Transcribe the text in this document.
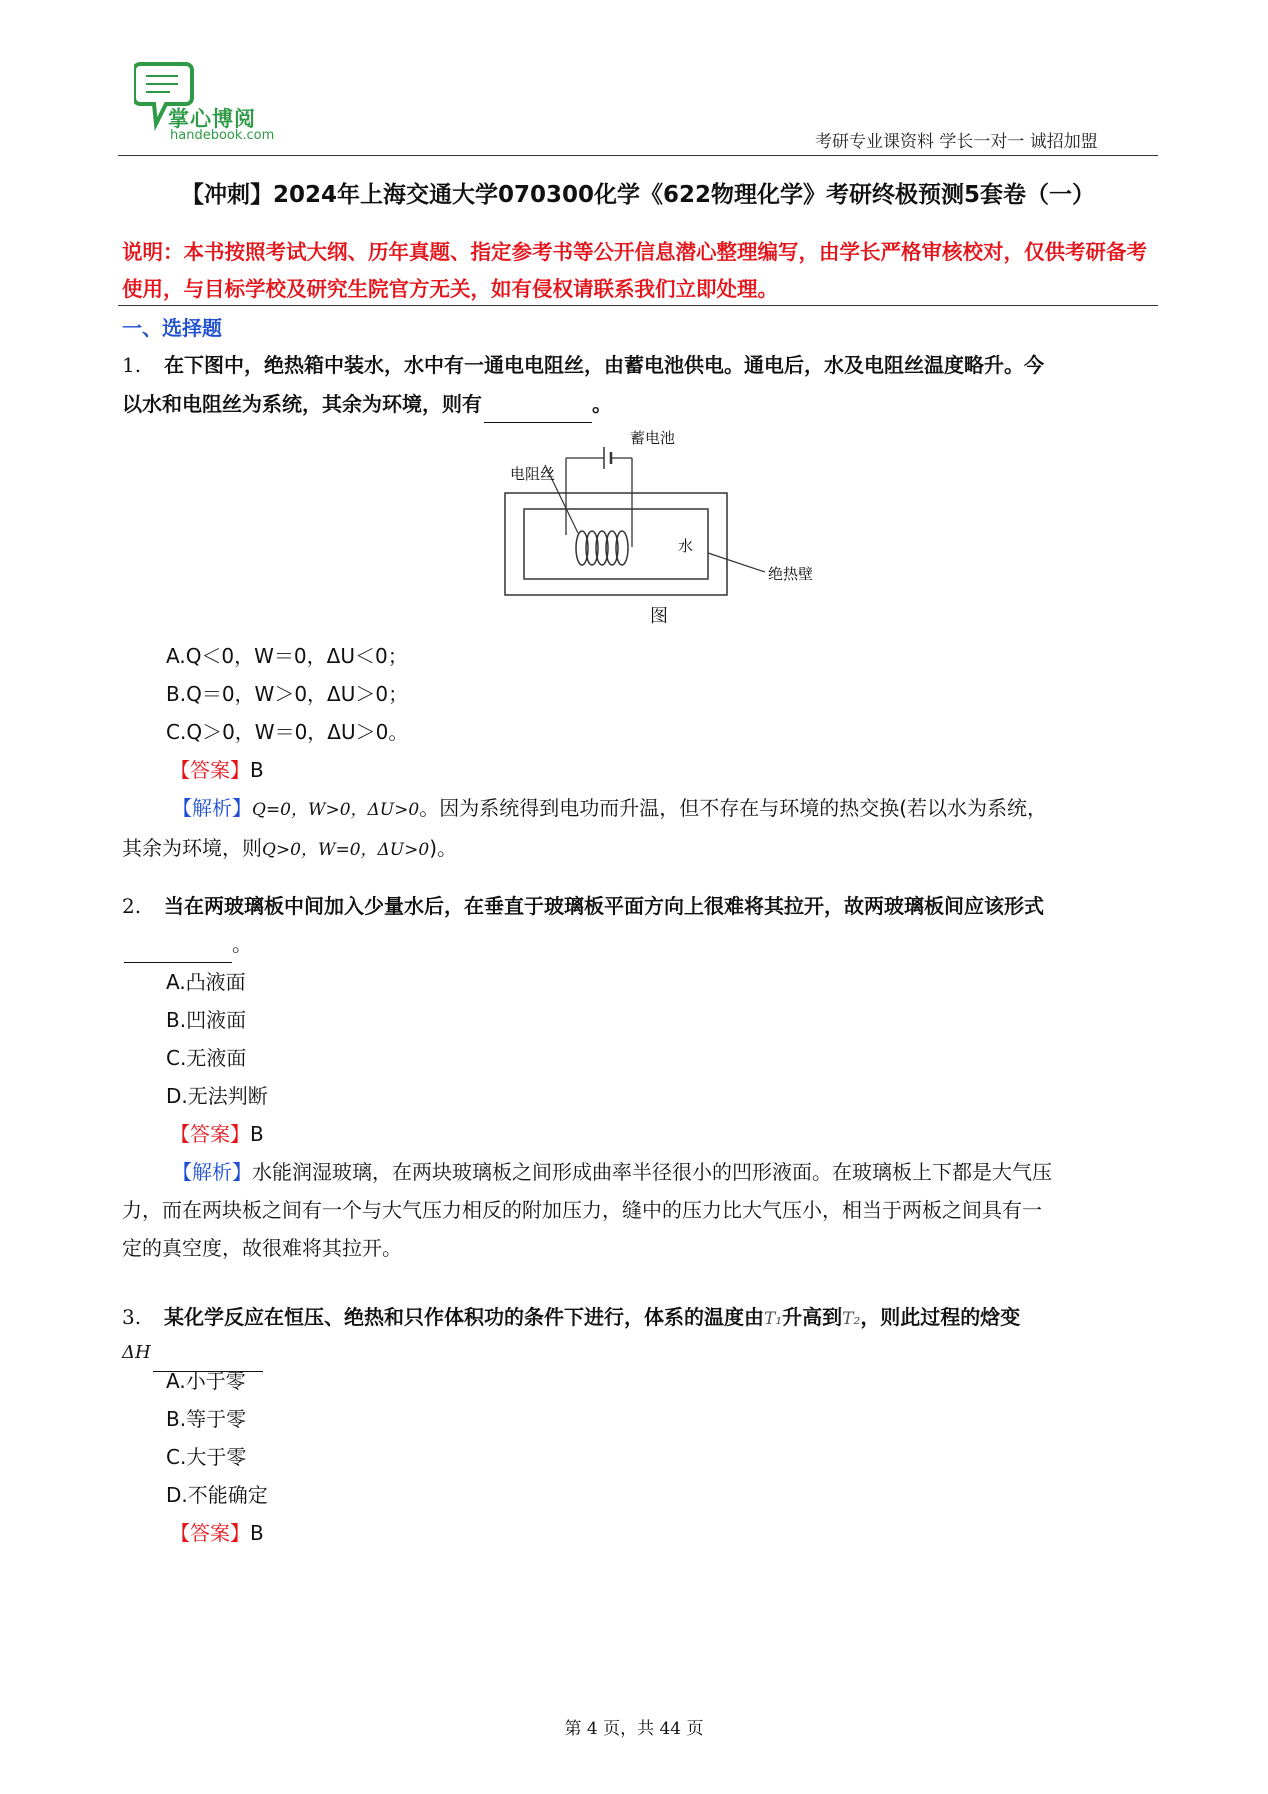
掌心博阅
handebook.com	考研专业课资料 学长一对一 诚招加盟
【冲刺】2024年上海交通大学070300化学《622物理化学》考研终极预测5套卷（一）
说明：本书按照考试大纲、历年真题、指定参考书等公开信息潜心整理编写，由学长严格审核校对，仅供考研备考使用，与目标学校及研究生院官方无关，如有侵权请联系我们立即处理。
一、选择题
1. 在下图中，绝热箱中装水，水中有一通电电阻丝，由蓄电池供电。通电后，水及电阻丝温度略升。今
以水和电阻丝为系统，其余为环境，则有	。
蓄电池
电阻丝
水
绝热壁
图
A.Q＜0，W＝0，ΔU＜0；
B.Q＝0，W＞0，ΔU＞0；
C.Q＞0，W＝0，ΔU＞0。
【答案】B
【解析】Q=0，W>0，ΔU>0。因为系统得到电功而升温，但不存在与环境的热交换(若以水为系统，
其余为环境，则Q>0，W=0，ΔU>0)。
2. 当在两玻璃板中间加入少量水后，在垂直于玻璃板平面方向上很难将其拉开，故两玻璃板间应该形式
。
A.凸液面
B.凹液面
C.无液面
D.无法判断
【答案】B
【解析】水能润湿玻璃，在两块玻璃板之间形成曲率半径很小的凹形液面。在玻璃板上下都是大气压
力，而在两块板之间有一个与大气压力相反的附加压力，缝中的压力比大气压小，相当于两板之间具有一
定的真空度，故很难将其拉开。
3. 某化学反应在恒压、绝热和只作体积功的条件下进行，体系的温度由T₁升高到T₂，则此过程的焓变
ΔH
A.小于零
B.等于零
C.大于零
D.不能确定
【答案】B
第 4 页，共 44 页
